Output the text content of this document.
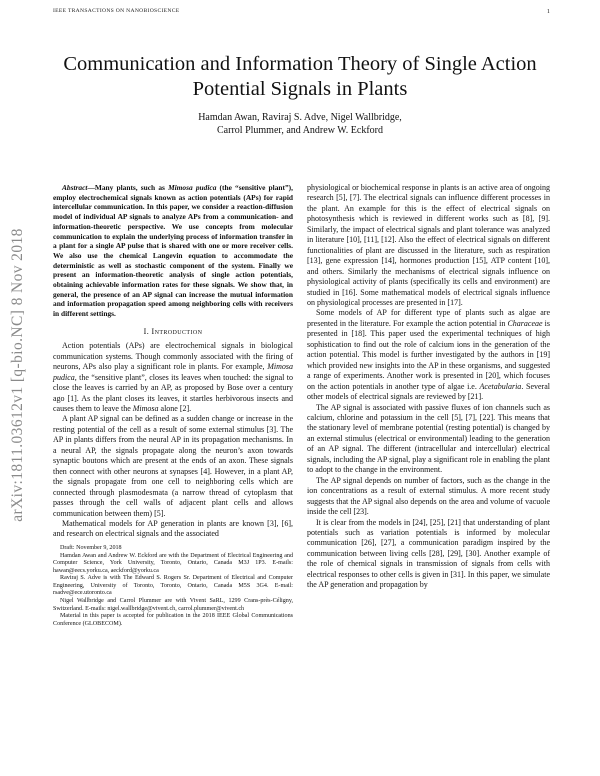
IEEE TRANSACTIONS ON NANOBIOSCIENCE	1
arXiv:1811.03612v1 [q-bio.NC] 8 Nov 2018
Communication and Information Theory of Single Action Potential Signals in Plants
Hamdan Awan, Raviraj S. Adve, Nigel Wallbridge,
Carrol Plummer, and Andrew W. Eckford

Abstract—Many plants, such as Mimosa pudica (the “sensitive plant”), employ electrochemical signals known as action potentials (APs) for rapid intercellular communication. In this paper, we consider a reaction-diffusion model of individual AP signals to analyze APs from a communication- and information-theoretic perspective. We use concepts from molecular communication to explain the underlying process of information transfer in a plant for a single AP pulse that is shared with one or more receiver cells. We also use the chemical Langevin equation to accommodate the deterministic as well as stochastic component of the system. Finally we present an information-theoretic analysis of single action potentials, obtaining achievable information rates for these signals. We show that, in general, the presence of an AP signal can increase the mutual information and information propagation speed among neighboring cells with receivers in different settings.

I. Introduction

Action potentials (APs) are electrochemical signals in biological communication systems. Though commonly associated with the firing of neurons, APs also play a significant role in plants. For example, Mimosa pudica, the “sensitive plant”, closes its leaves when touched: the signal to close the leaves is carried by an AP, as proposed by Bose over a century ago [1]. As the plant closes its leaves, it startles herbivorous insects and causes them to leave the Mimosa alone [2].

A plant AP signal can be defined as a sudden change or increase in the resting potential of the cell as a result of some external stimulus [3]. The AP in plants differs from the neural AP in its propagation mechanisms. In a neural AP, the signals propagate along the neuron’s axon towards synaptic boutons which are present at the ends of an axon. These signals then connect with other neurons at synapses [4]. However, in a plant AP, the signals propagate from one cell to neighboring cells which are connected through plasmodesmata (a narrow thread of cytoplasm that passes through the cell walls of adjacent plant cells and allows communication between them) [5].

Mathematical models for AP generation in plants are known [3], [6], and research on electrical signals and the associated

Draft: November 9, 2018

Hamdan Awan and Andrew W. Eckford are with the Department of Electrical Engineering and Computer Science, York University, Toronto, Ontario, Canada M3J 1P3. E-mails: hawan@eecs.yorku.ca, aeckford@yorku.ca

Raviraj S. Adve is with The Edward S. Rogers Sr. Department of Electrical and Computer Engineering, University of Toronto, Toronto, Ontario, Canada M5S 3G4. E-mail: rsadve@ece.utoronto.ca

Nigel Wallbridge and Carrol Plummer are with Vivent SaRL, 1299 Crans-près-Céligny, Switzerland. E-mails: nigel.wallbridge@vivent.ch, carrol.plummer@vivent.ch

Material in this paper is accepted for publication in the 2018 IEEE Global Communications Conference (GLOBECOM).

physiological or biochemical response in plants is an active area of ongoing research [5], [7]. The electrical signals can influence different processes in the plant. An example for this is the effect of electrical signals on photosynthesis which is reviewed in different works such as [8], [9]. Similarly, the impact of electrical signals and plant tolerance was analyzed in literature [10], [11], [12]. Also the effect of electrical signals on different functionalities of plant are discussed in the literature, such as respiration [13], gene expression [14], hormones production [15], ATP content [10], and others. Similarly the mechanisms of electrical signals influence on physiological activity of plants (specifically its cells and environment) are studied in [16]. Some mathematical models of electrical signals influence on physiological processes are presented in [17].

Some models of AP for different type of plants such as algae are presented in the literature. For example the action potential in Characeae is presented in [18]. This paper used the experimental techniques of high sophistication to find out the role of calcium ions in the generation of the action potential. This model is further investigated by the authors in [19] which provided new insights into the AP in these organisms, and suggested a range of experiments. Another work is presented in [20], which focuses on the action potentials in another type of algae i.e. Acetabularia. Several other models of electrical signals are reviewed by [21].

The AP signal is associated with passive fluxes of ion channels such as calcium, chlorine and potassium in the cell [5], [7], [22]. This means that the stationary level of membrane potential (resting potential) is changed by an external stimulus (electrical or environmental) leading to the generation of an AP signal. The different (intracellular and intercellular) electrical signals, including the AP signal, play a significant role in enabling the plant to adopt to the change in the environment.

The AP signal depends on number of factors, such as the change in the ion concentrations as a result of external stimulus. A more recent study suggests that the AP signal also depends on the area and volume of vacuole inside the cell [23].

It is clear from the models in [24], [25], [21] that understanding of plant potentials such as variation potentials is informed by molecular communication [26], [27], a communication paradigm inspired by the communication between living cells [28], [29], [30]. Another example of the role of chemical signals in transmission of signals from cells with electrical responses to other cells is given in [31]. In this paper, we simulate the AP generation and propagation by
